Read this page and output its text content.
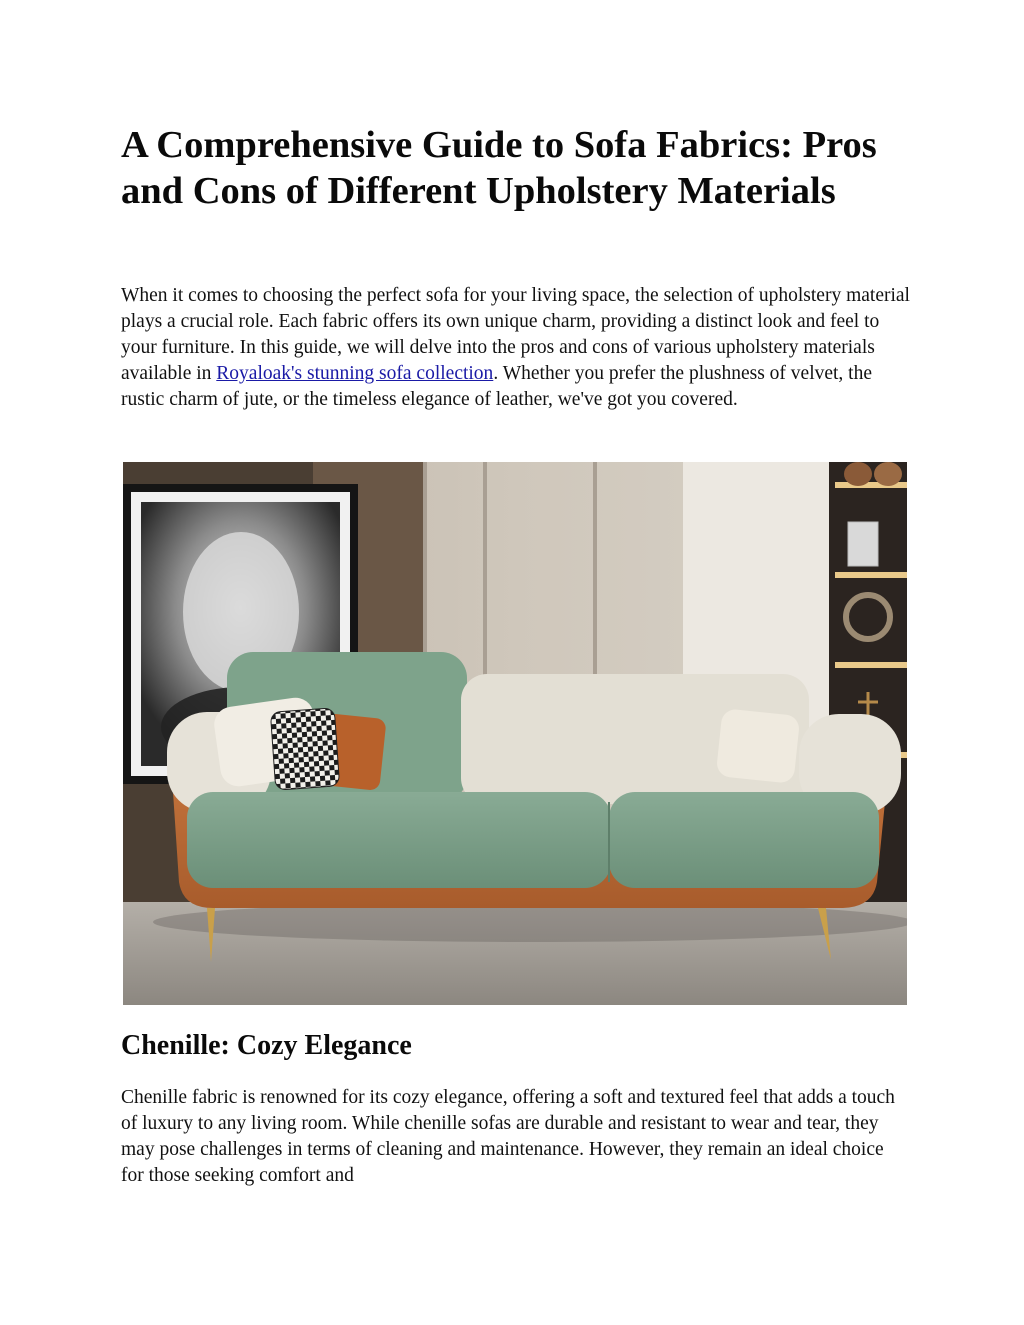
A Comprehensive Guide to Sofa Fabrics: Pros and Cons of Different Upholstery Materials

When it comes to choosing the perfect sofa for your living space, the selection of upholstery material plays a crucial role. Each fabric offers its own unique charm, providing a distinct look and feel to your furniture. In this guide, we will delve into the pros and cons of various upholstery materials available in Royaloak's stunning sofa collection. Whether you prefer the plushness of velvet, the rustic charm of jute, or the timeless elegance of leather, we've got you covered.

Chenille: Cozy Elegance

Chenille fabric is renowned for its cozy elegance, offering a soft and textured feel that adds a touch of luxury to any living room. While chenille sofas are durable and resistant to wear and tear, they may pose challenges in terms of cleaning and maintenance. However, they remain an ideal choice for those seeking comfort and
